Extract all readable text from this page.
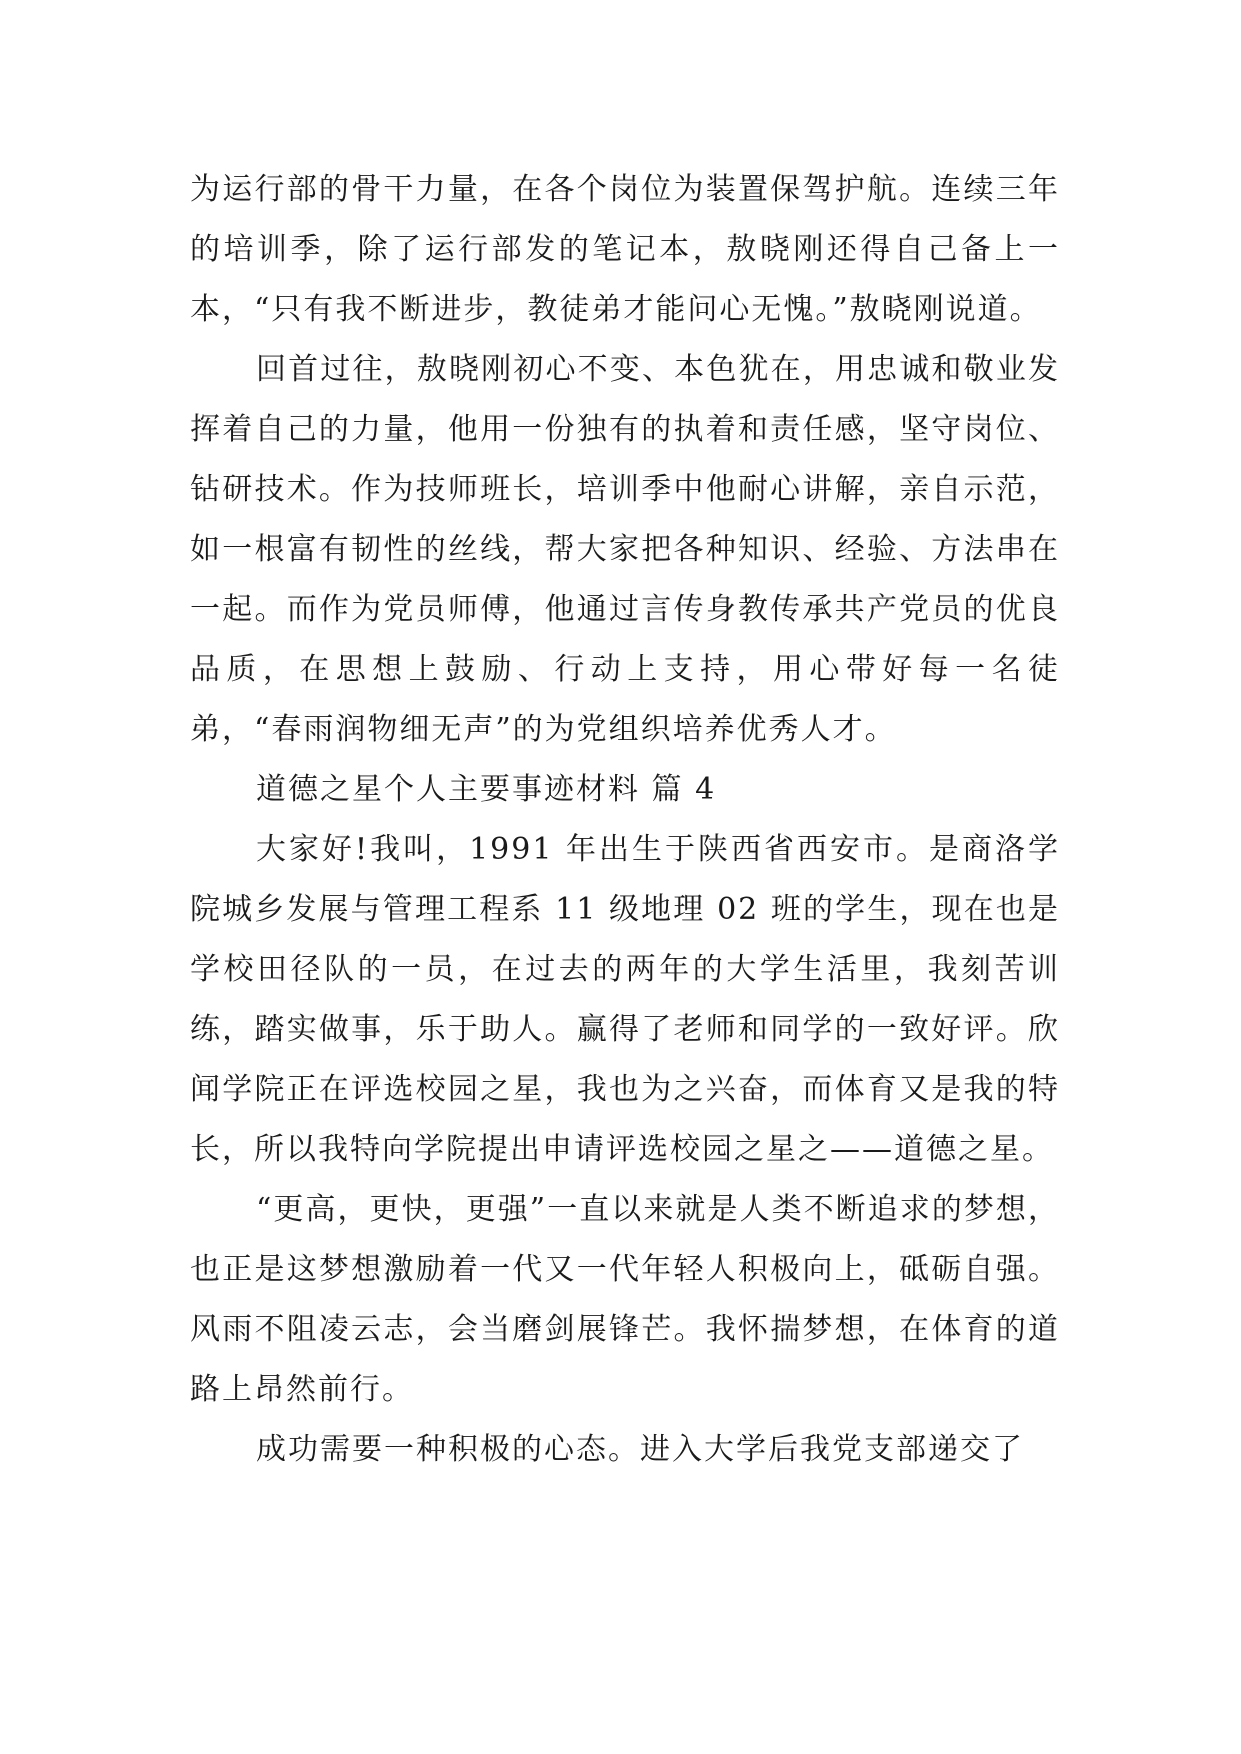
为运行部的骨干力量，在各个岗位为装置保驾护航。连续三年的培训季，除了运行部发的笔记本，敖晓刚还得自己备上一本，“只有我不断进步，教徒弟才能问心无愧。”敖晓刚说道。

回首过往，敖晓刚初心不变、本色犹在，用忠诚和敬业发挥着自己的力量，他用一份独有的执着和责任感，坚守岗位、钻研技术。作为技师班长，培训季中他耐心讲解，亲自示范，如一根富有韧性的丝线，帮大家把各种知识、经验、方法串在一起。而作为党员师傅，他通过言传身教传承共产党员的优良品质，在思想上鼓励、行动上支持，用心带好每一名徒弟，“春雨润物细无声”的为党组织培养优秀人才。

道德之星个人主要事迹材料 篇 4

大家好!我叫，1991 年出生于陕西省西安市。是商洛学院城乡发展与管理工程系 11 级地理 02 班的学生，现在也是学校田径队的一员，在过去的两年的大学生活里，我刻苦训练，踏实做事，乐于助人。赢得了老师和同学的一致好评。欣闻学院正在评选校园之星，我也为之兴奋，而体育又是我的特长，所以我特向学院提出申请评选校园之星之——道德之星。

“更高，更快，更强”一直以来就是人类不断追求的梦想，也正是这梦想激励着一代又一代年轻人积极向上，砥砺自强。风雨不阻凌云志，会当磨剑展锋芒。我怀揣梦想，在体育的道路上昂然前行。

成功需要一种积极的心态。进入大学后我党支部递交了
